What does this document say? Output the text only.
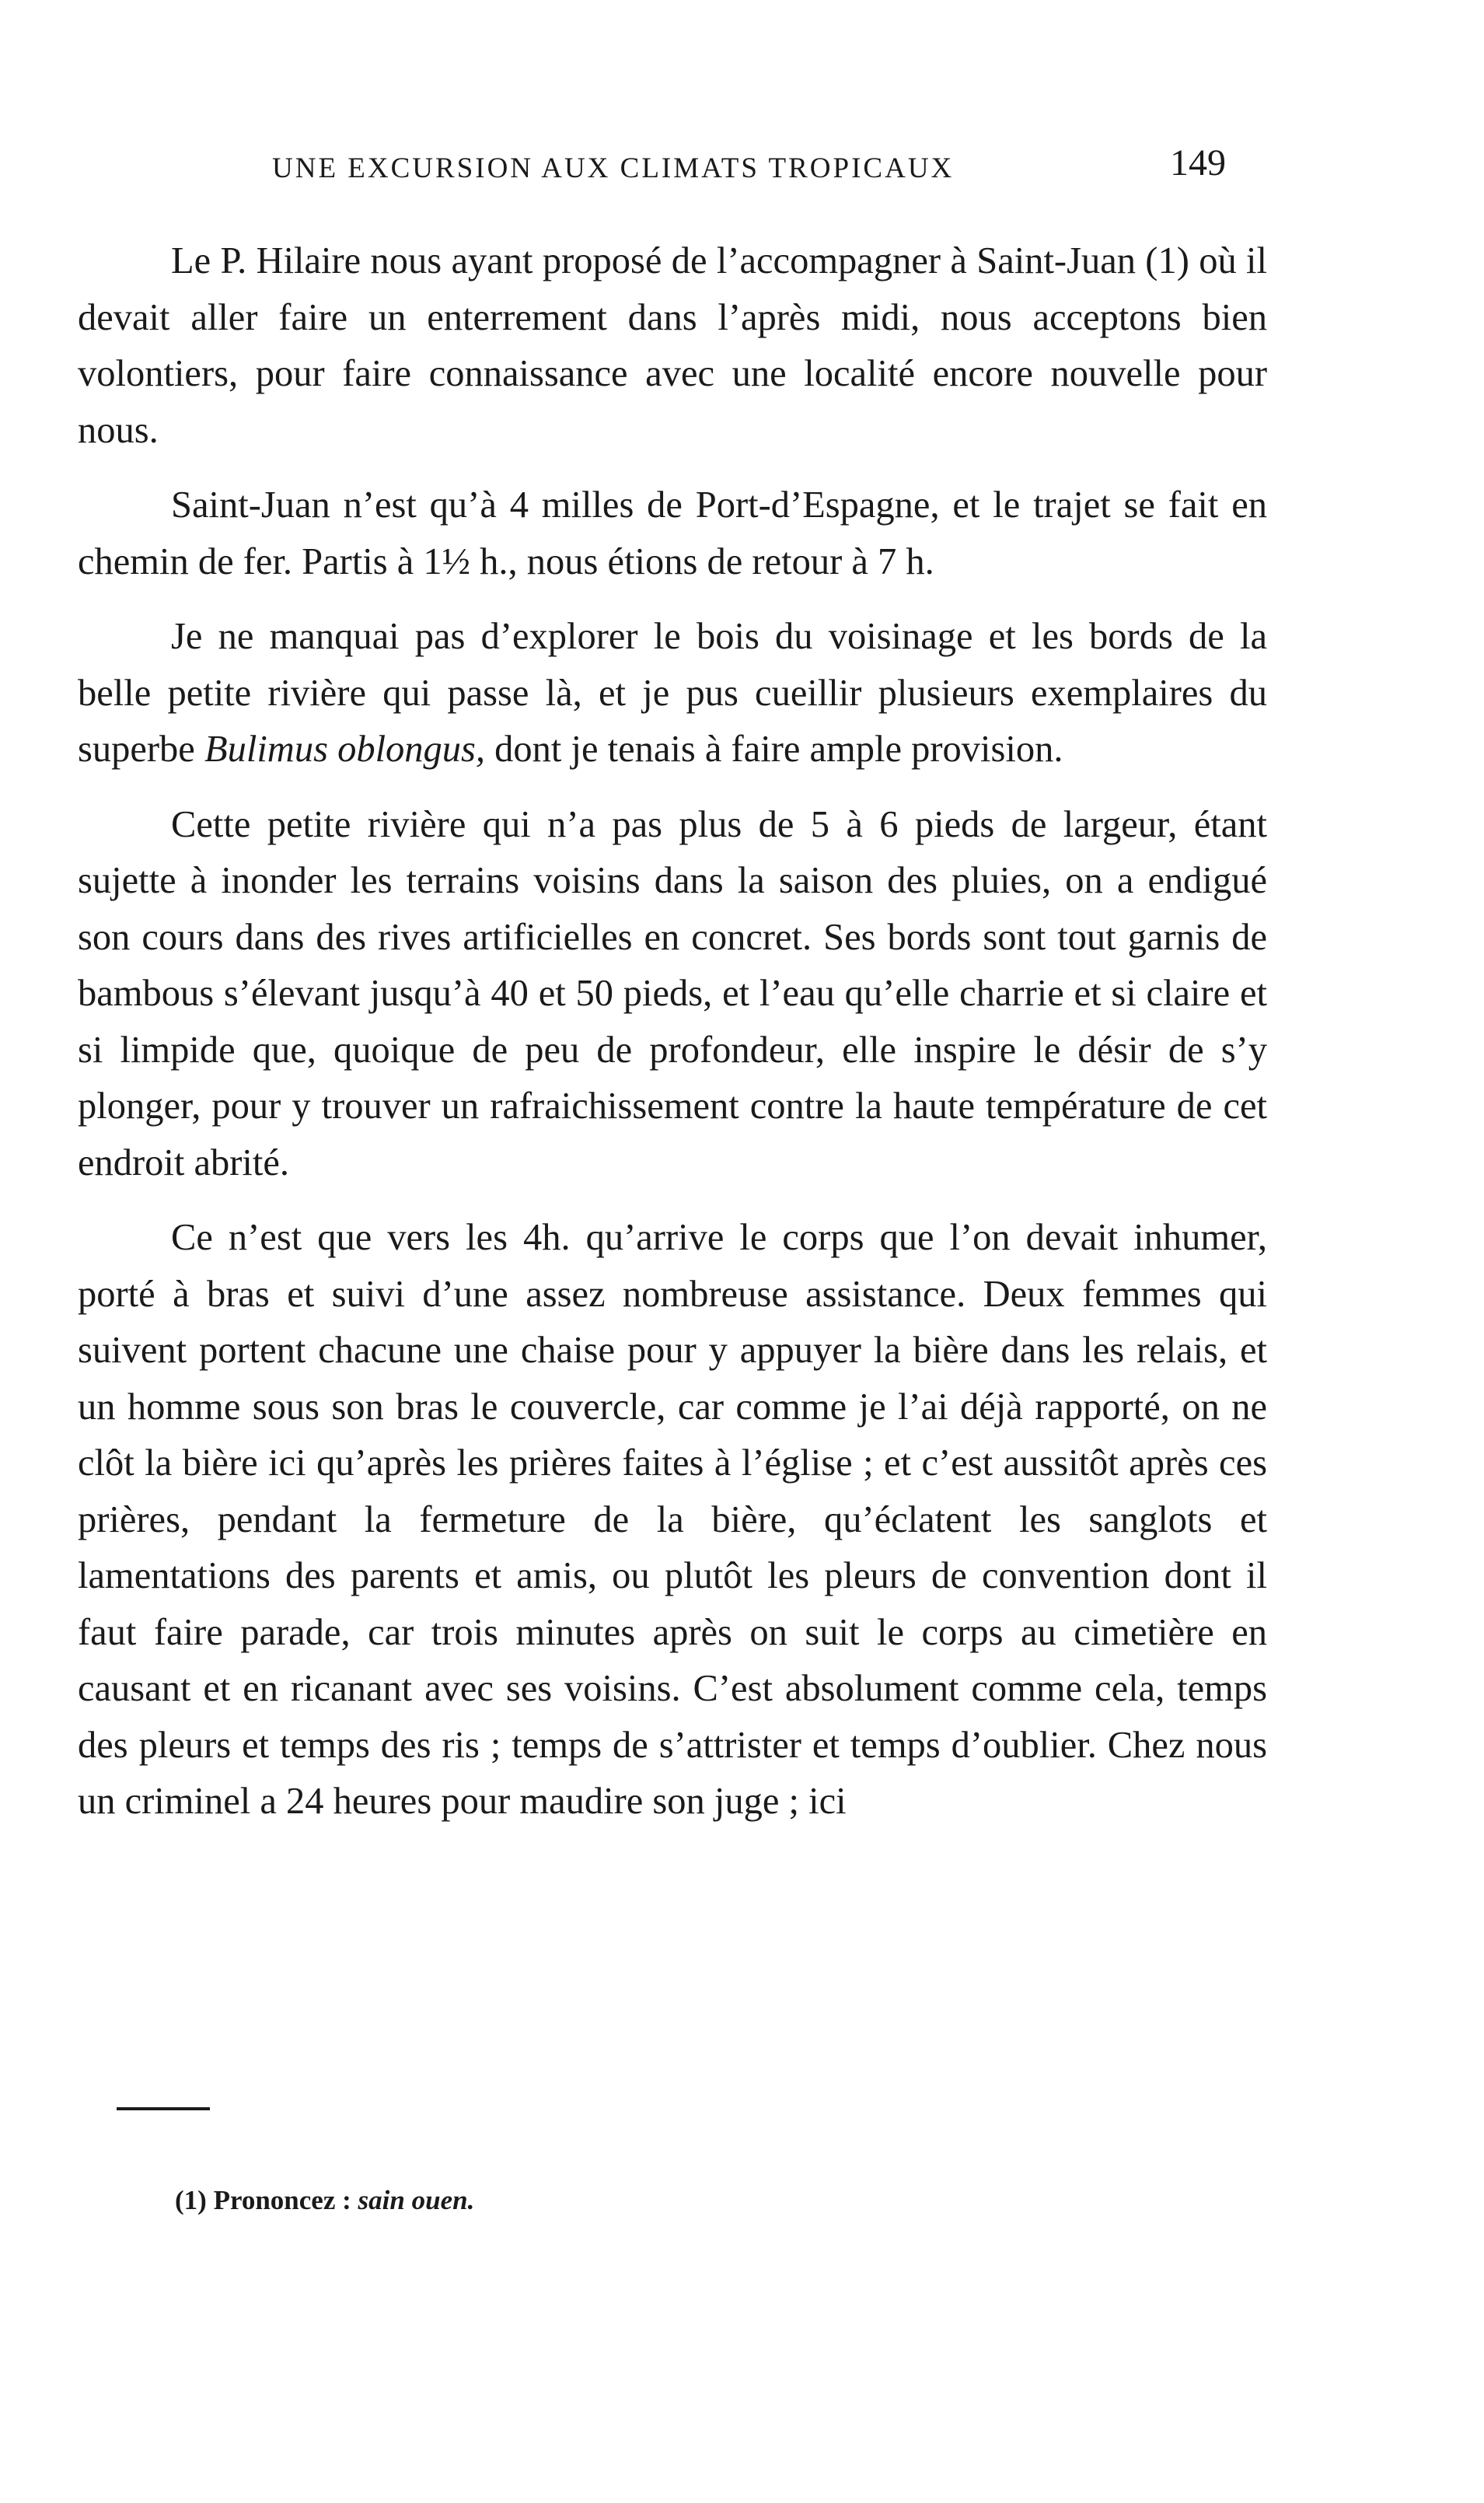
UNE EXCURSION AUX CLIMATS TROPICAUX	149

Le P. Hilaire nous ayant proposé de l’accompagner à Saint-Juan (1) où il devait aller faire un enterrement dans l’après midi, nous acceptons bien volontiers, pour faire connaissance avec une localité encore nouvelle pour nous.

Saint-Juan n’est qu’à 4 milles de Port-d’Espagne, et le trajet se fait en chemin de fer. Partis à 1½ h., nous étions de retour à 7 h.

Je ne manquai pas d’explorer le bois du voisinage et les bords de la belle petite rivière qui passe là, et je pus cueillir plusieurs exemplaires du superbe Bulimus oblongus, dont je tenais à faire ample provision.

Cette petite rivière qui n’a pas plus de 5 à 6 pieds de largeur, étant sujette à inonder les terrains voisins dans la saison des pluies, on a endigué son cours dans des rives artificielles en concret. Ses bords sont tout garnis de bambous s’élevant jusqu’à 40 et 50 pieds, et l’eau qu’elle charrie et si claire et si limpide que, quoique de peu de profondeur, elle inspire le désir de s’y plonger, pour y trouver un rafraichissement contre la haute température de cet endroit abrité.

Ce n’est que vers les 4h. qu’arrive le corps que l’on devait inhumer, porté à bras et suivi d’une assez nombreuse assistance. Deux femmes qui suivent portent chacune une chaise pour y appuyer la bière dans les relais, et un homme sous son bras le couvercle, car comme je l’ai déjà rapporté, on ne clôt la bière ici qu’après les prières faites à l’église ; et c’est aussitôt après ces prières, pendant la fermeture de la bière, qu’éclatent les sanglots et lamentations des parents et amis, ou plutôt les pleurs de convention dont il faut faire parade, car trois minutes après on suit le corps au cimetière en causant et en ricanant avec ses voisins. C’est absolument comme cela, temps des pleurs et temps des ris ; temps de s’attrister et temps d’oublier. Chez nous un criminel a 24 heures pour maudire son juge ; ici

(1) Prononcez : sain ouen.
